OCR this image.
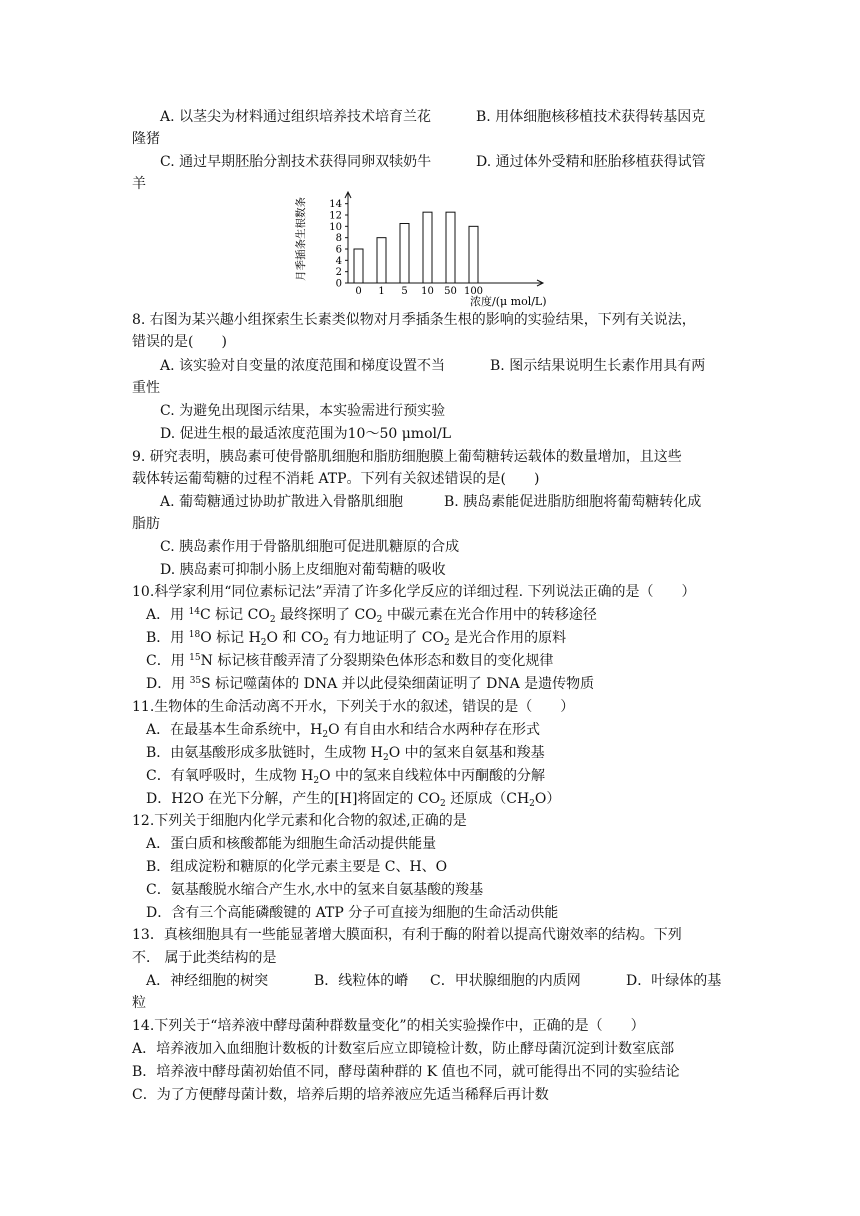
A. 以茎尖为材料通过组织培养技术培育兰花	B. 用体细胞核移植技术获得转基因克
隆猪
C. 通过早期胚胎分割技术获得同卵双犊奶牛	D. 通过体外受精和胚胎移植获得试管
羊
0
2
4
6
8
10
12
14
0 1 5 10 50 100
月季插条生根数条
浓度/(μ mol/L)
8. 右图为某兴趣小组探索生长素类似物对月季插条生根的影响的实验结果，下列有关说法，
错误的是(　　)
A. 该实验对自变量的浓度范围和梯度设置不当	B. 图示结果说明生长素作用具有两
重性
C. 为避免出现图示结果，本实验需进行预实验
D. 促进生根的最适浓度范围为10～50 μmol/L
9. 研究表明，胰岛素可使骨骼肌细胞和脂肪细胞膜上葡萄糖转运载体的数量增加，且这些
载体转运葡萄糖的过程不消耗 ATP。下列有关叙述错误的是(　　)
A. 葡萄糖通过协助扩散进入骨骼肌细胞	B. 胰岛素能促进脂肪细胞将葡萄糖转化成
脂肪
C. 胰岛素作用于骨骼肌细胞可促进肌糖原的合成
D. 胰岛素可抑制小肠上皮细胞对葡萄糖的吸收
10.科学家利用“同位素标记法”弄清了许多化学反应的详细过程. 下列说法正确的是（　　）
A．用 $^{14}$C 标记 $CO_2$ 最终探明了 $CO_2$ 中碳元素在光合作用中的转移途径
B．用 $^{18}$O 标记 $H_2O$ 和 $CO_2$ 有力地证明了 $CO_2$ 是光合作用的原料
C．用 $^{15}$N 标记核苷酸弄清了分裂期染色体形态和数目的变化规律
D．用 $^{35}$S 标记噬菌体的 DNA 并以此侵染细菌证明了 DNA 是遗传物质
11.生物体的生命活动离不开水，下列关于水的叙述，错误的是（　　）
A．在最基本生命系统中，$H_2O$ 有自由水和结合水两种存在形式
B．由氨基酸形成多肽链时，生成物 $H_2O$ 中的氢来自氨基和羧基
C．有氧呼吸时，生成物 $H_2O$ 中的氢来自线粒体中丙酮酸的分解
D．H2O 在光下分解，产生的[H]将固定的 $CO_2$ 还原成$(CH_2O)$
12.下列关于细胞内化学元素和化合物的叙述,正确的是
A．蛋白质和核酸都能为细胞生命活动提供能量
B．组成淀粉和糖原的化学元素主要是 C、H、O
C．氨基酸脱水缩合产生水,水中的氢来自氨基酸的羧基
D．含有三个高能磷酸键的 ATP 分子可直接为细胞的生命活动供能
13．真核细胞具有一些能显著增大膜面积，有利于酶的附着以提高代谢效率的结构。下列
不． 属于此类结构的是
A．神经细胞的树突	B．线粒体的嵴 C．甲状腺细胞的内质网	D．叶绿体的基
粒
14.下列关于“培养液中酵母菌种群数量变化”的相关实验操作中，正确的是（　　）
A．培养液加入血细胞计数板的计数室后应立即镜检计数，防止酵母菌沉淀到计数室底部
B．培养液中酵母菌初始值不同，酵母菌种群的 K 值也不同，就可能得出不同的实验结论
C．为了方便酵母菌计数，培养后期的培养液应先适当稀释后再计数
